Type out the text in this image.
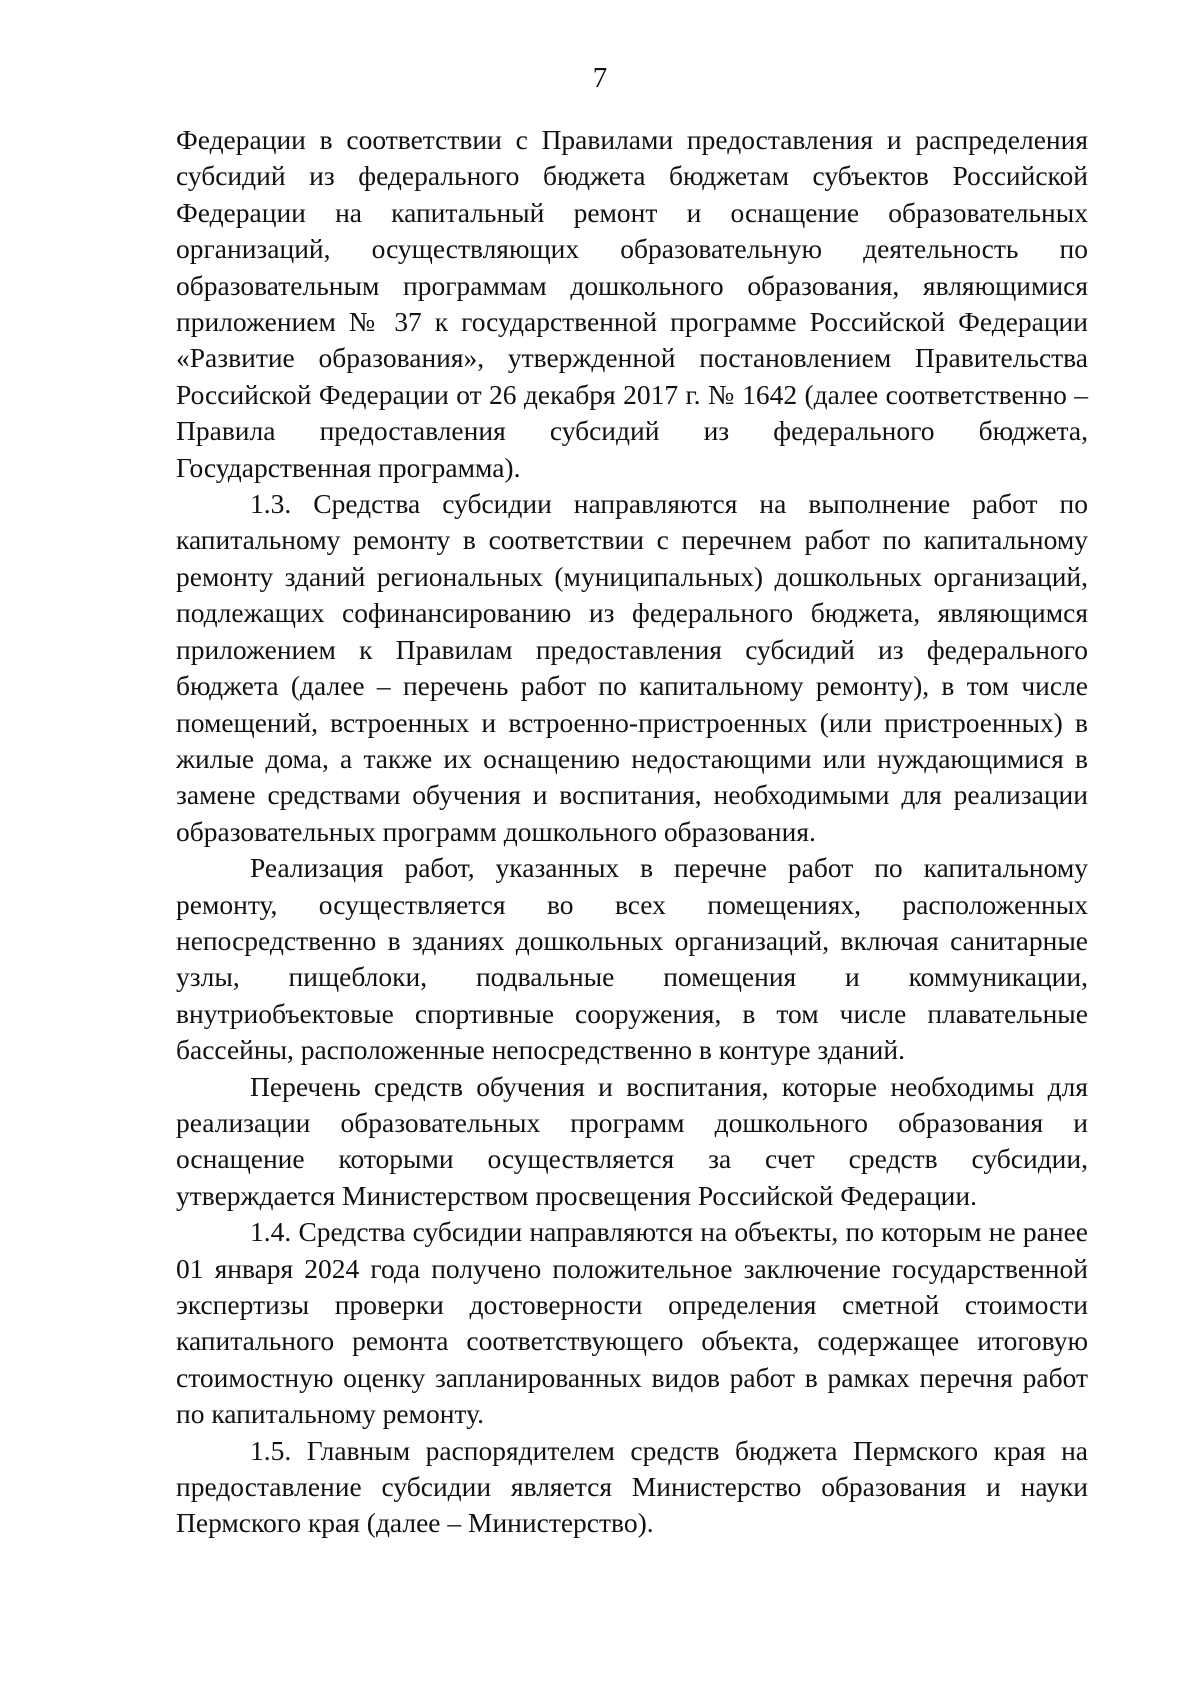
7

Федерации в соответствии с Правилами предоставления и распределения субсидий из федерального бюджета бюджетам субъектов Российской Федерации на капитальный ремонт и оснащение образовательных организаций, осуществляющих образовательную деятельность по образовательным программам дошкольного образования, являющимися приложением № 37 к государственной программе Российской Федерации «Развитие образования», утвержденной постановлением Правительства Российской Федерации от 26 декабря 2017 г. № 1642 (далее соответственно – Правила предоставления субсидий из федерального бюджета, Государственная программа).

1.3. Средства субсидии направляются на выполнение работ по капитальному ремонту в соответствии с перечнем работ по капитальному ремонту зданий региональных (муниципальных) дошкольных организаций, подлежащих софинансированию из федерального бюджета, являющимся приложением к Правилам предоставления субсидий из федерального бюджета (далее – перечень работ по капитальному ремонту), в том числе помещений, встроенных и встроенно-пристроенных (или пристроенных) в жилые дома, а также их оснащению недостающими или нуждающимися в замене средствами обучения и воспитания, необходимыми для реализации образовательных программ дошкольного образования.

Реализация работ, указанных в перечне работ по капитальному ремонту, осуществляется во всех помещениях, расположенных непосредственно в зданиях дошкольных организаций, включая санитарные узлы, пищеблоки, подвальные помещения и коммуникации, внутриобъектовые спортивные сооружения, в том числе плавательные бассейны, расположенные непосредственно в контуре зданий.

Перечень средств обучения и воспитания, которые необходимы для реализации образовательных программ дошкольного образования и оснащение которыми осуществляется за счет средств субсидии, утверждается Министерством просвещения Российской Федерации.

1.4. Средства субсидии направляются на объекты, по которым не ранее 01 января 2024 года получено положительное заключение государственной экспертизы проверки достоверности определения сметной стоимости капитального ремонта соответствующего объекта, содержащее итоговую стоимостную оценку запланированных видов работ в рамках перечня работ по капитальному ремонту.

1.5. Главным распорядителем средств бюджета Пермского края на предоставление субсидии является Министерство образования и науки Пермского края (далее – Министерство).
